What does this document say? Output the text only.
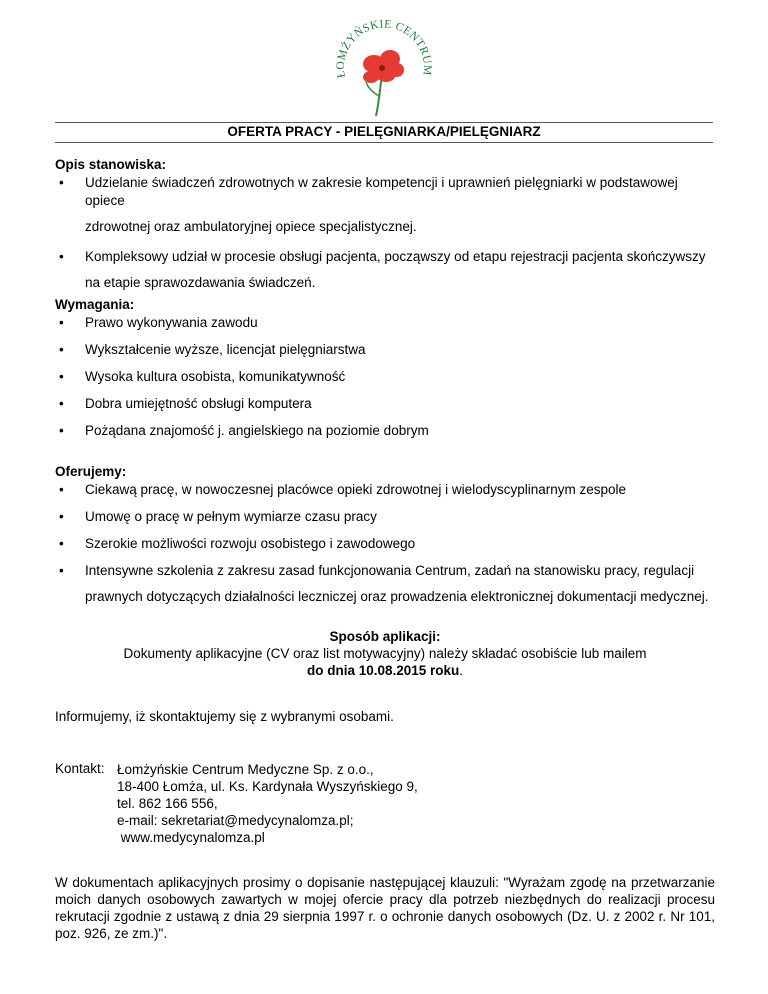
ŁOMŻYŃSKIE CENTRUM
OFERTA PRACY - PIELĘGNIARKA/PIELĘGNIARZ
Opis stanowiska:
• Udzielanie świadczeń zdrowotnych w zakresie kompetencji i uprawnień pielęgniarki w podstawowej opiece
zdrowotnej oraz ambulatoryjnej opiece specjalistycznej.
• Kompleksowy udział w procesie obsługi pacjenta, począwszy od etapu rejestracji pacjenta skończywszy
na etapie sprawozdawania świadczeń.
Wymagania:
• Prawo wykonywania zawodu
• Wykształcenie wyższe, licencjat pielęgniarstwa
• Wysoka kultura osobista, komunikatywność
• Dobra umiejętność obsługi komputera
• Pożądana znajomość j. angielskiego na poziomie dobrym
Oferujemy:
• Ciekawą pracę, w nowoczesnej placówce opieki zdrowotnej i wielodyscyplinarnym zespole
• Umowę o pracę w pełnym wymiarze czasu pracy
• Szerokie możliwości rozwoju osobistego i zawodowego
• Intensywne szkolenia z zakresu zasad funkcjonowania Centrum, zadań na stanowisku pracy, regulacji
prawnych dotyczących działalności leczniczej oraz prowadzenia elektronicznej dokumentacji medycznej.
Sposób aplikacji:
Dokumenty aplikacyjne (CV oraz list motywacyjny) należy składać osobiście lub mailem
do dnia 10.08.2015 roku.
Informujemy, iż skontaktujemy się z wybranymi osobami.
Kontakt: Łomżyńskie Centrum Medyczne Sp. z o.o.,
18-400 Łomża, ul. Ks. Kardynała Wyszyńskiego 9,
tel. 862 166 556,
e-mail: sekretariat@medycynalomza.pl;
www.medycynalomza.pl
W dokumentach aplikacyjnych prosimy o dopisanie następującej klauzuli: "Wyrażam zgodę na przetwarzanie moich danych osobowych zawartych w mojej ofercie pracy dla potrzeb niezbędnych do realizacji procesu rekrutacji zgodnie z ustawą z dnia 29 sierpnia 1997 r. o ochronie danych osobowych (Dz. U. z 2002 r. Nr 101, poz. 926, ze zm.)".
